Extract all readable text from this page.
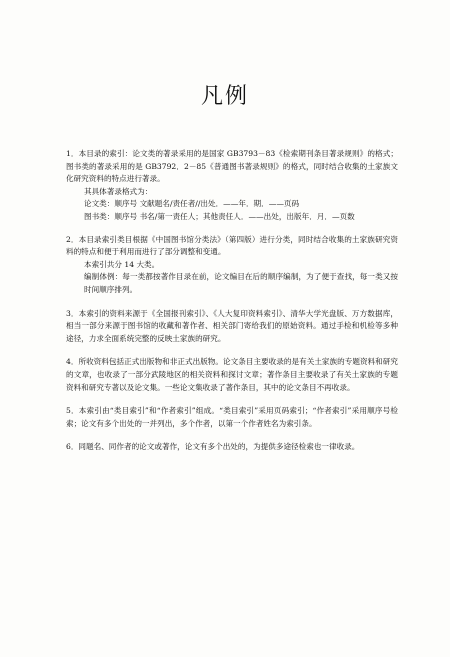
凡例

1．本目录的索引：论文类的著录采用的是国家 GB3793－83《检索期刊条目著录规则》的格式；图书类的著录采用的是 GB3792．2－85《普通图书著录规则》的格式，同时结合收集的土家族文化研究资料的特点进行著录。

其具体著录格式为：

论文类：顺序号 文献题名/责任者//出处．——年．期．——页码
图书类：顺序号 书名/第一责任人；其他责任人．——出处，出版年．月．—页数

2．本目录索引类目根据《中国图书馆分类法》（第四版）进行分类，同时结合收集的土家族研究资料的特点和便于利用而进行了部分调整和变通。

本索引共分 14 大类。

编制体例：每一类都按著作目录在前，论文编目在后的顺序编制，为了便于查找，每一类又按时间顺序排列。

3．本索引的资料来源于《全国报刊索引》、《人大复印资料索引》、清华大学光盘版、万方数据库，相当一部分来源于图书馆的收藏和著作者、相关部门寄给我们的原始资料。通过手检和机检等多种途径，力求全面系统完整的反映土家族的研究。

4．所收资料包括正式出版物和非正式出版物。论文条目主要收录的是有关土家族的专题资料和研究的文章，也收录了一部分武陵地区的相关资料和探讨文章；著作条目主要收录了有关土家族的专题资料和研究专著以及论文集。一些论文集收录了著作条目，其中的论文条目不再收录。

5．本索引由“类目索引”和“作者索引”组成。“类目索引”采用页码索引；“作者索引”采用顺序号检索；论文有多个出处的一并列出，多个作者，以第一个作者姓名为索引条。

6．同题名、同作者的论文或著作，论文有多个出处的，为提供多途径检索也一律收录。
